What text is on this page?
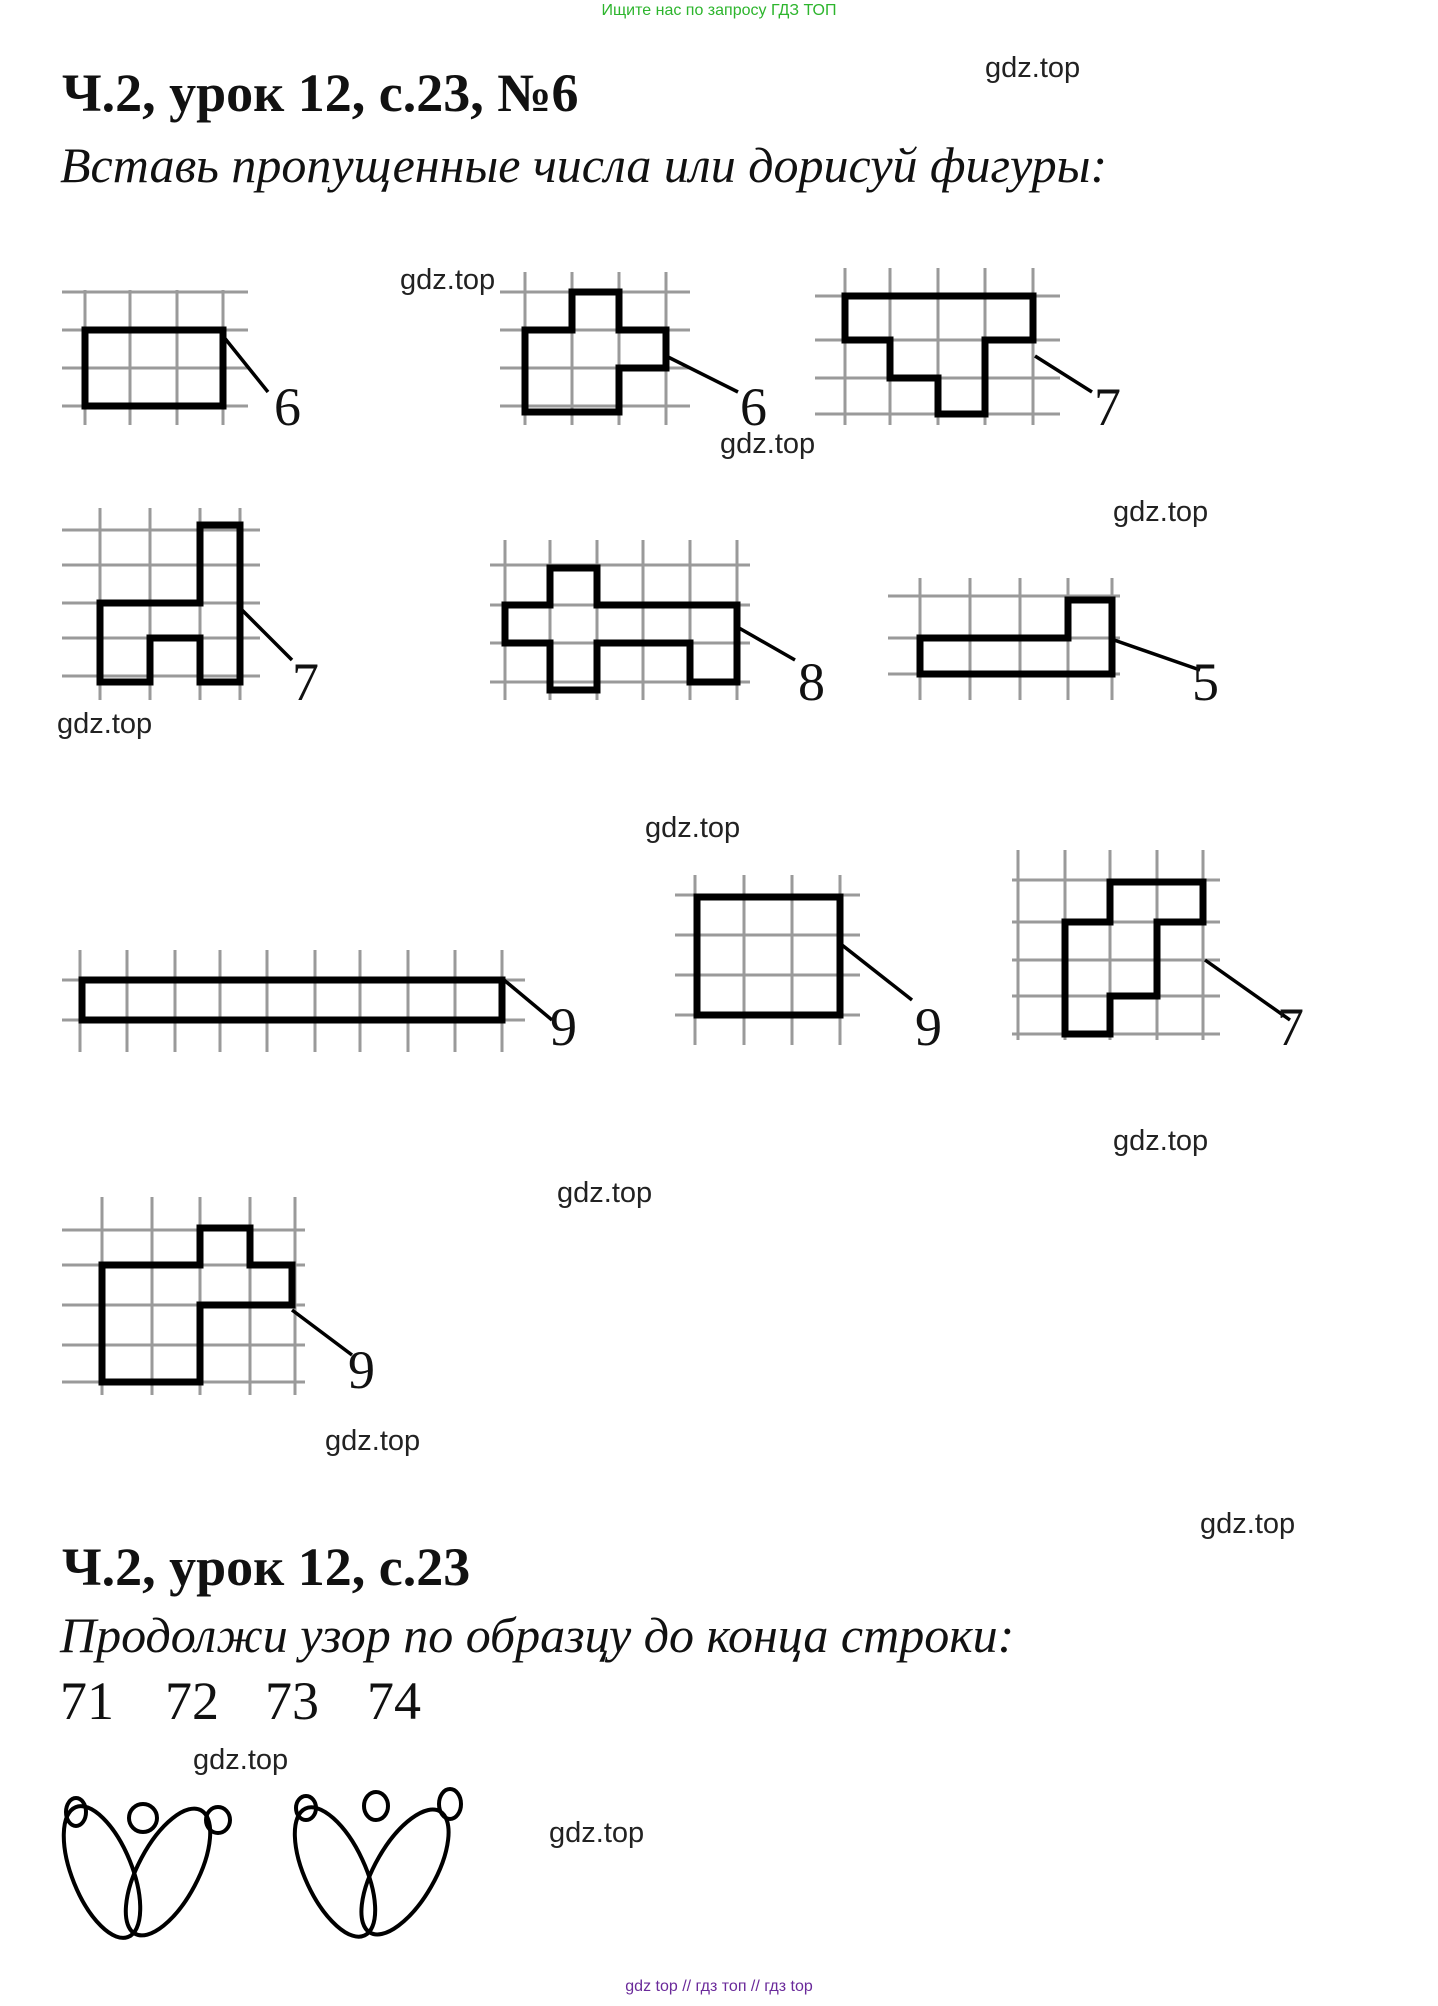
Ищите нас по запросу ГДЗ ТОП
Ч.2, урок 12, с.23, №6
Вставь пропущенные числа или дорисуй фигуры:
gdz.top
gdz.top
gdz.top
gdz.top
gdz.top
gdz.top
gdz.top
gdz.top
gdz.top
gdz.top
gdz.top
gdz.top
Ч.2, урок 12, с.23
Продолжи узор по образцу до конца строки:
71 72 73 74
6	6	7
7	8	5
9	9	7
9
gdz top // гдз топ // гдз top
